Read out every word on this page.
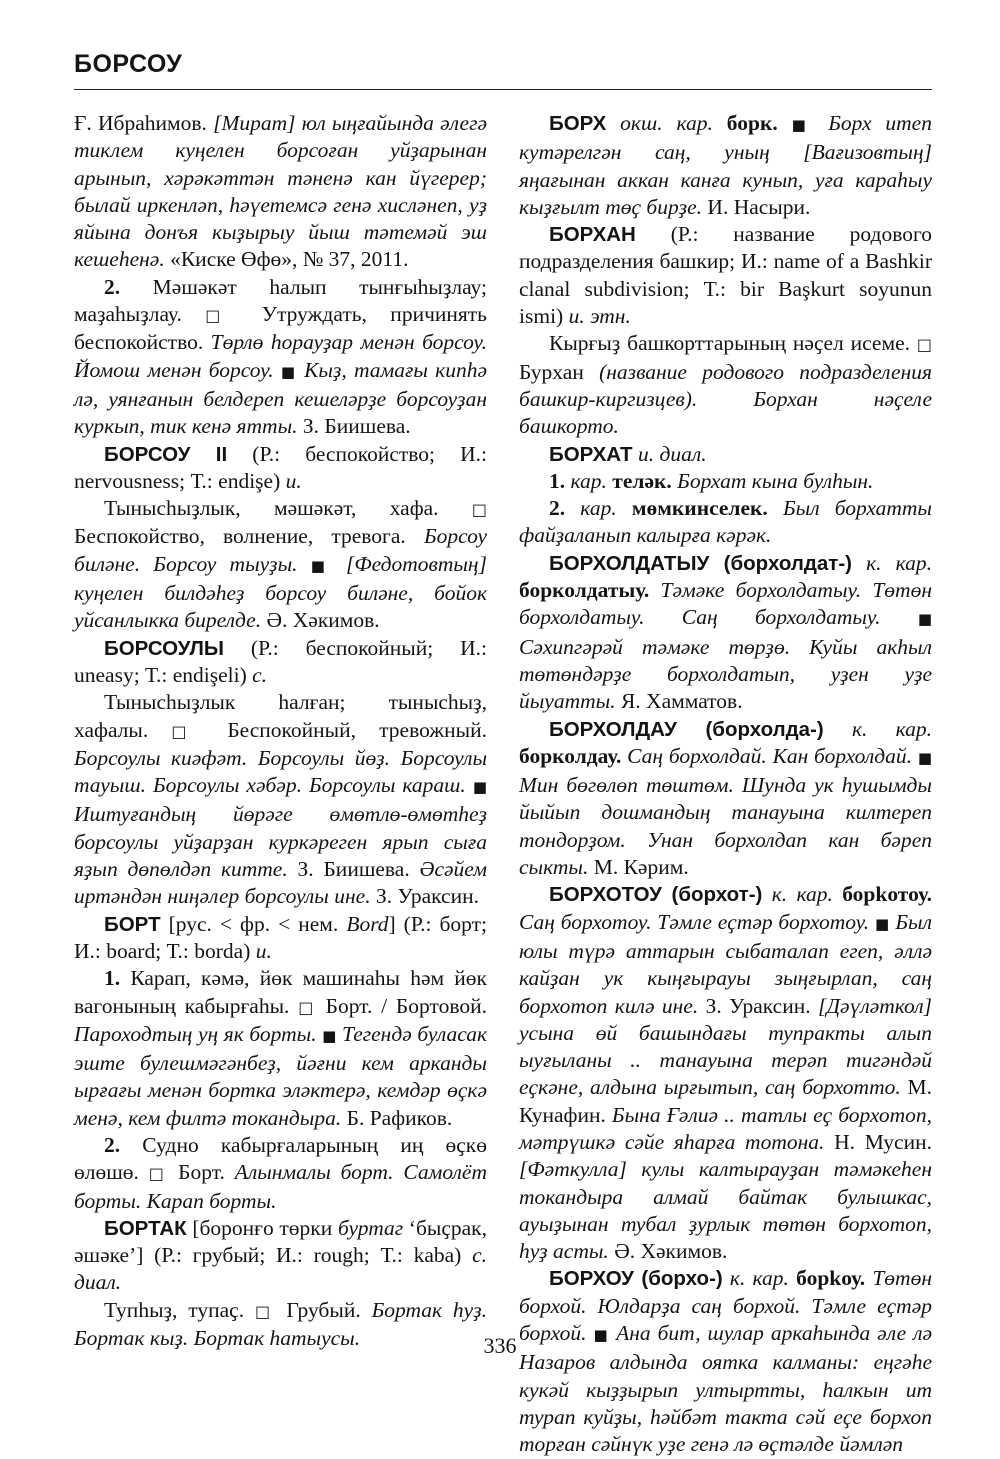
БОРСОУ

Ғ. Ибраһимов. [Мират] юл ыңғайында әлегә тиклем куңелен борсоған уйҙарынан арынып, хәрәкәттән тәненә кан йүгерер; былай иркенләп, һәүетемсә генә хисләнеп, уҙ яйына донъя кыҙырыу йыш тәтемәй эш кешеһенә. «Киске Өфө», № 37, 2011.

2. Мәшәкәт һалып тынғыһыҙлау; маҙаһыҙлау. □ Утруждать, причинять беспокойство. Төрлө һорауҙар менән борсоу. Йомош менән борсоу. ■ Кыҙ, тамағы кипһә лә, уянғанын белдереп кешеләрҙе борсоуҙан куркып, тик кенә ятты. З. Биишева.

БОРСОУ II (Р.: беспокойство; И.: nervousness; Т.: endişe) и.

Тынысһыҙлык, мәшәкәт, хафа. □ Беспокойство, волнение, тревога. Борсоу биләне. Борсоу тыуҙы. ■ [Федотовтың] куңелен билдәһеҙ борсоу биләне, бойок уйсанлыкка бирелде. Ә. Хәкимов.

БОРСОУЛЫ (Р.: беспокойный; И.: uneasy; Т.: endişeli) с.

Тынысһыҙлык һалған; тынысһыҙ, хафалы. □ Беспокойный, тревожный. Борсоулы киәфәт. Борсоулы йөҙ. Борсоулы тауыш. Борсоулы хәбәр. Борсоулы караш. ■ Иштуғандың йөрәге өмөтлө-өмөтһеҙ борсоулы уйҙарҙан куркәреген ярып сыға яҙып дөпөлдәп китте. З. Биишева. Әсәйем иртәндән ниңәлер борсоулы ине. З. Ураксин.

БОРТ [рус. < фр. < нем. Bord] (Р.: борт; И.: board; Т.: borda) и.

1. Карап, кәмә, йөк машинаһы һәм йөк вагонының кабырғаһы. □ Борт. / Бортовой. Пароходтың уң як борты. ■ Тегендә буласак эште булешмәгәнбеҙ, йәғни кем арканды ырғағы менән бортка эләктерә, кемдәр өҫкә менә, кем филтә токандыра. Б. Рафиков.

2. Судно кабырғаларының иң өҫкө өлөшө. □ Борт. Алынмалы борт. Самолёт борты. Карап борты.

БОРТАК [боронғо төрки буртаг ‘быҫрак, әшәке’] (Р.: грубый; И.: rough; Т.: kaba) с. диал.

Тупһыҙ, тупаҫ. □ Грубый. Бортак һуҙ. Бортак кыҙ. Бортак һатыусы.

БОРХ окш. кар. борк. ■ Борх итеп кутәрелгән саң, уның [Вағизовтың] яңағынан аккан канға кунып, уға караһыу кыҙғылт төҫ бирҙе. И. Насыри.

БОРХАН (Р.: название родового подразделения башкир; И.: name of a Bashkir clanal subdivision; Т.: bir Başkurt soyunun ismi) и. этн.

Кырғыҙ башкорттарының нәҫел исеме. □ Бурхан (название родового подразделения башкир-киргизцев). Борхан нәҫеле башкорто.

БОРХАТ и. диал.

1. кар. теләк. Борхат кына булһын.

2. кар. мөмкинселек. Был борхатты файҙаланып калырға кәрәк.

БОРХОЛДАТЫУ (борхолдат-) к. кар. борколдатыу. Тәмәке борхолдатыу. Төтөн борхолдатыу. Саң борхолдатыу. ■ Сәхипгәрәй тәмәке төрҙө. Куйы акһыл төтөндәрҙе борхолдатып, уҙен уҙе йыуатты. Я. Хамматов.

БОРХОЛДАУ (борхолда-) к. кар. борколдау. Саң борхолдай. Кан борхолдай. ■ Мин бөгөлөп төштөм. Шунда ук һушымды йыйып дошмандың танауына килтереп тондорҙом. Унан борхолдап кан бәреп сыкты. М. Кәрим.

БОРХОТОУ (борхот-) к. кар. борkотоу. Саң борхотоу. Тәмле еҫтәр борхотоу. ■ Был юлы түрә аттарын сыбаталап егеп, әллә кайҙан ук кыңғырауы зыңғырлап, саң борхотоп килә ине. З. Ураксин. [Дәүләткол] усына өй башындағы тупракты алып ыуғыланы .. танауына терәп тигәндәй еҫкәне, алдына ырғытып, саң борхотто. М. Кунафин. Бына Ғәлиә .. татлы еҫ борхотоп, мәтрүшкә сәйе яһарға тотона. Н. Мусин. [Фәткулла] кулы калтырауҙан тәмәкеһен токандыра алмай байтак булышкас, ауыҙынан тубал ҙурлык төтөн борхотоп, һуҙ асты. Ә. Хәкимов.

БОРХОУ (борхо-) к. кар. борkоу. Төтөн борхой. Юлдарҙа саң борхой. Тәмле еҫтәр борхой. ■ Ана бит, шулар аркаһында әле лә Назаров алдында оятка калманы: еңгәһе кукәй кыҙҙырып ултыртты, һалкын ит турап куйҙы, һәйбәт такта сәй еҫе борхоп торған сәйнүк уҙе генә лә өҫтәлде йәмләп

336
